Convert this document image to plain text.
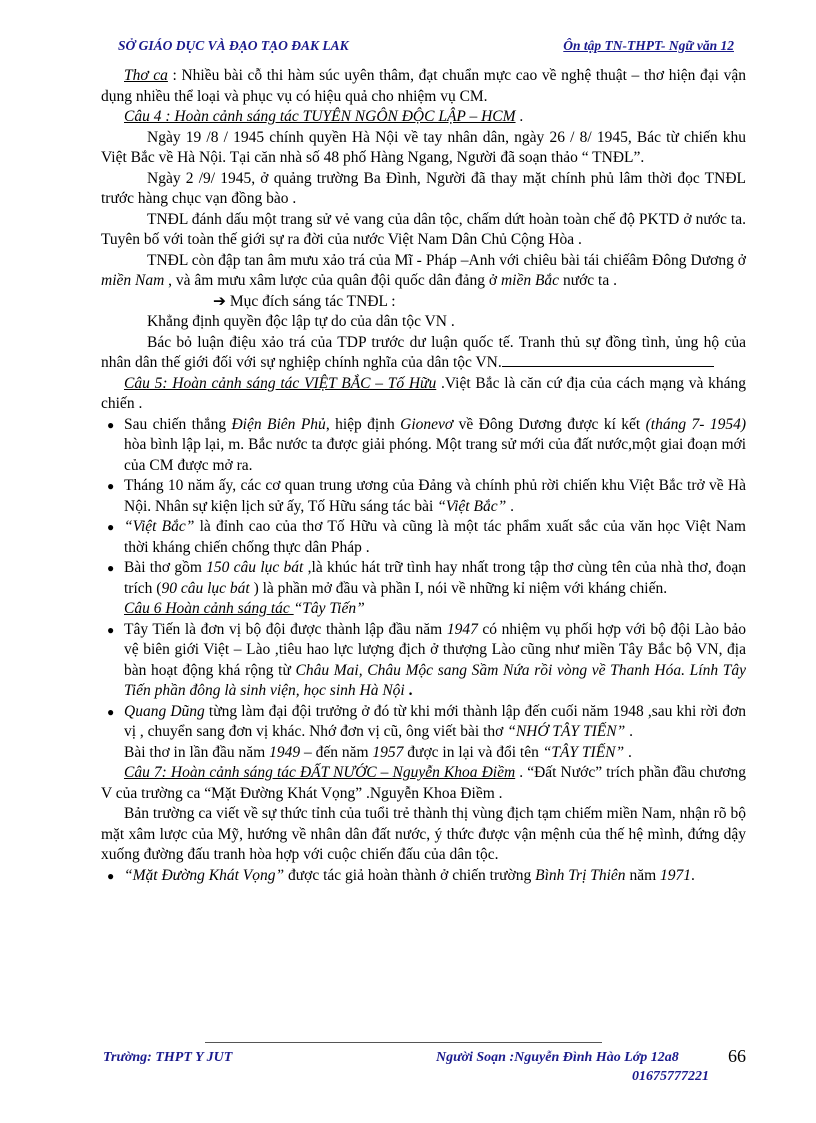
SỞ GIÁO DỤC VÀ ĐẠO TẠO ĐAK LAK	Ôn tập TN-THPT- Ngữ văn 12

Thơ ca : Nhiều bài cỗ thi hàm súc uyên thâm, đạt chuẩn mực cao về nghệ thuật – thơ hiện đại vận dụng nhiều thể loại và phục vụ có hiệu quả cho nhiệm vụ CM.

Câu 4 : Hoàn cảnh sáng tác TUYÊN NGÔN ĐỘC LẬP – HCM .

Ngày 19 /8 / 1945 chính quyền Hà Nội về tay nhân dân, ngày 26 / 8/ 1945, Bác từ chiến khu Việt Bắc về Hà Nội. Tại căn nhà số 48 phố Hàng Ngang, Người đã soạn thảo “ TNĐL”.

Ngày 2 /9/ 1945, ở quảng trường Ba Đình, Người đã thay mặt chính phủ lâm thời đọc TNĐL trước hàng chục vạn đồng bào .

TNĐL đánh dấu một trang sử vẻ vang của dân tộc, chấm dứt hoàn toàn chế độ PKTD ở nước ta. Tuyên bố với toàn thế giới sự ra đời của nước Việt Nam Dân Chủ Cộng Hòa .

TNĐL còn đập tan âm mưu xảo trá của Mĩ - Pháp –Anh với chiêu bài tái chiếâm Đông Dương ở miền Nam , và âm mưu xâm lược của quân đội quốc dân đảng ở miền Bắc nước ta .

➔ Mục đích sáng tác TNĐL :

Khẳng định quyền độc lập tự do của dân tộc VN .

Bác bỏ luận điệu xảo trá của TDP trước dư luận quốc tế. Tranh thủ sự đồng tình, ủng hộ của nhân dân thế giới đối với sự nghiệp chính nghĩa của dân tộc VN.

Câu 5: Hoàn cảnh sáng tác VIỆT BẮC – Tố Hữu .Việt Bắc là căn cứ địa của cách mạng và kháng chiến .

● Sau chiến thắng Điện Biên Phủ, hiệp định Gionevơ về Đông Dương được kí kết (tháng 7- 1954) hòa bình lập lại, m. Bắc nước ta được giải phóng. Một trang sử mới của đất nước,một giai đoạn mới của CM được mở ra.

● Tháng 10 năm ấy, các cơ quan trung ương của Đảng và chính phủ rời chiến khu Việt Bắc trở về Hà Nội. Nhân sự kiện lịch sử ấy, Tố Hữu sáng tác bài “Việt Bắc” .

● “Việt Bắc” là đỉnh cao của thơ Tố Hữu và cũng là một tác phẩm xuất sắc của văn học Việt Nam thời kháng chiến chống thực dân Pháp .

● Bài thơ gồm 150 câu lục bát ,là khúc hát trữ tình hay nhất trong tập thơ cùng tên của nhà thơ, đoạn trích (90 câu lục bát ) là phần mở đầu và phần I, nói về những kỉ niệm với kháng chiến.

Câu 6 Hoàn cảnh sáng tác “Tây Tiến”

● Tây Tiến là đơn vị bộ đội được thành lập đầu năm 1947 có nhiệm vụ phối hợp với bộ đội Lào bảo vệ biên giới Việt – Lào ,tiêu hao lực lượng địch ở thượng Lào cũng như miền Tây Bắc bộ VN, địa bàn hoạt động khá rộng từ Châu Mai, Châu Mộc sang Sầm Nứa rồi vòng về Thanh Hóa. Lính Tây Tiến phần đông là sinh viện, học sinh Hà Nội .

● Quang Dũng từng làm đại đội trưởng ở đó từ khi mới thành lập đến cuối năm 1948 ,sau khi rời đơn vị , chuyển sang đơn vị khác. Nhớ đơn vị cũ, ông viết bài thơ “NHỚ TÂY TIẾN” .

Bài thơ in lần đầu năm 1949 – đến năm 1957 được in lại và đổi tên “TÂY TIẾN” .

Câu 7: Hoàn cảnh sáng tác ĐẤT NƯỚC – Nguyễn Khoa Điềm . “Đất Nước” trích phần đầu chương V của trường ca “Mặt Đường Khát Vọng” .Nguyễn Khoa Điềm .

Bản trường ca viết về sự thức tỉnh của tuổi trẻ thành thị vùng địch tạm chiếm miền Nam, nhận rõ bộ mặt xâm lược của Mỹ, hướng về nhân dân đất nước, ý thức được vận mệnh của thế hệ mình, đứng dậy xuống đường đấu tranh hòa hợp với cuộc chiến đấu của dân tộc.

● “Mặt Đường Khát Vọng” được tác giả hoàn thành ở chiến trường Bình Trị Thiên năm 1971.

Trường: THPT Y JUT	Người Soạn :Nguyễn Đình Hào Lớp 12a8	66
01675777221
